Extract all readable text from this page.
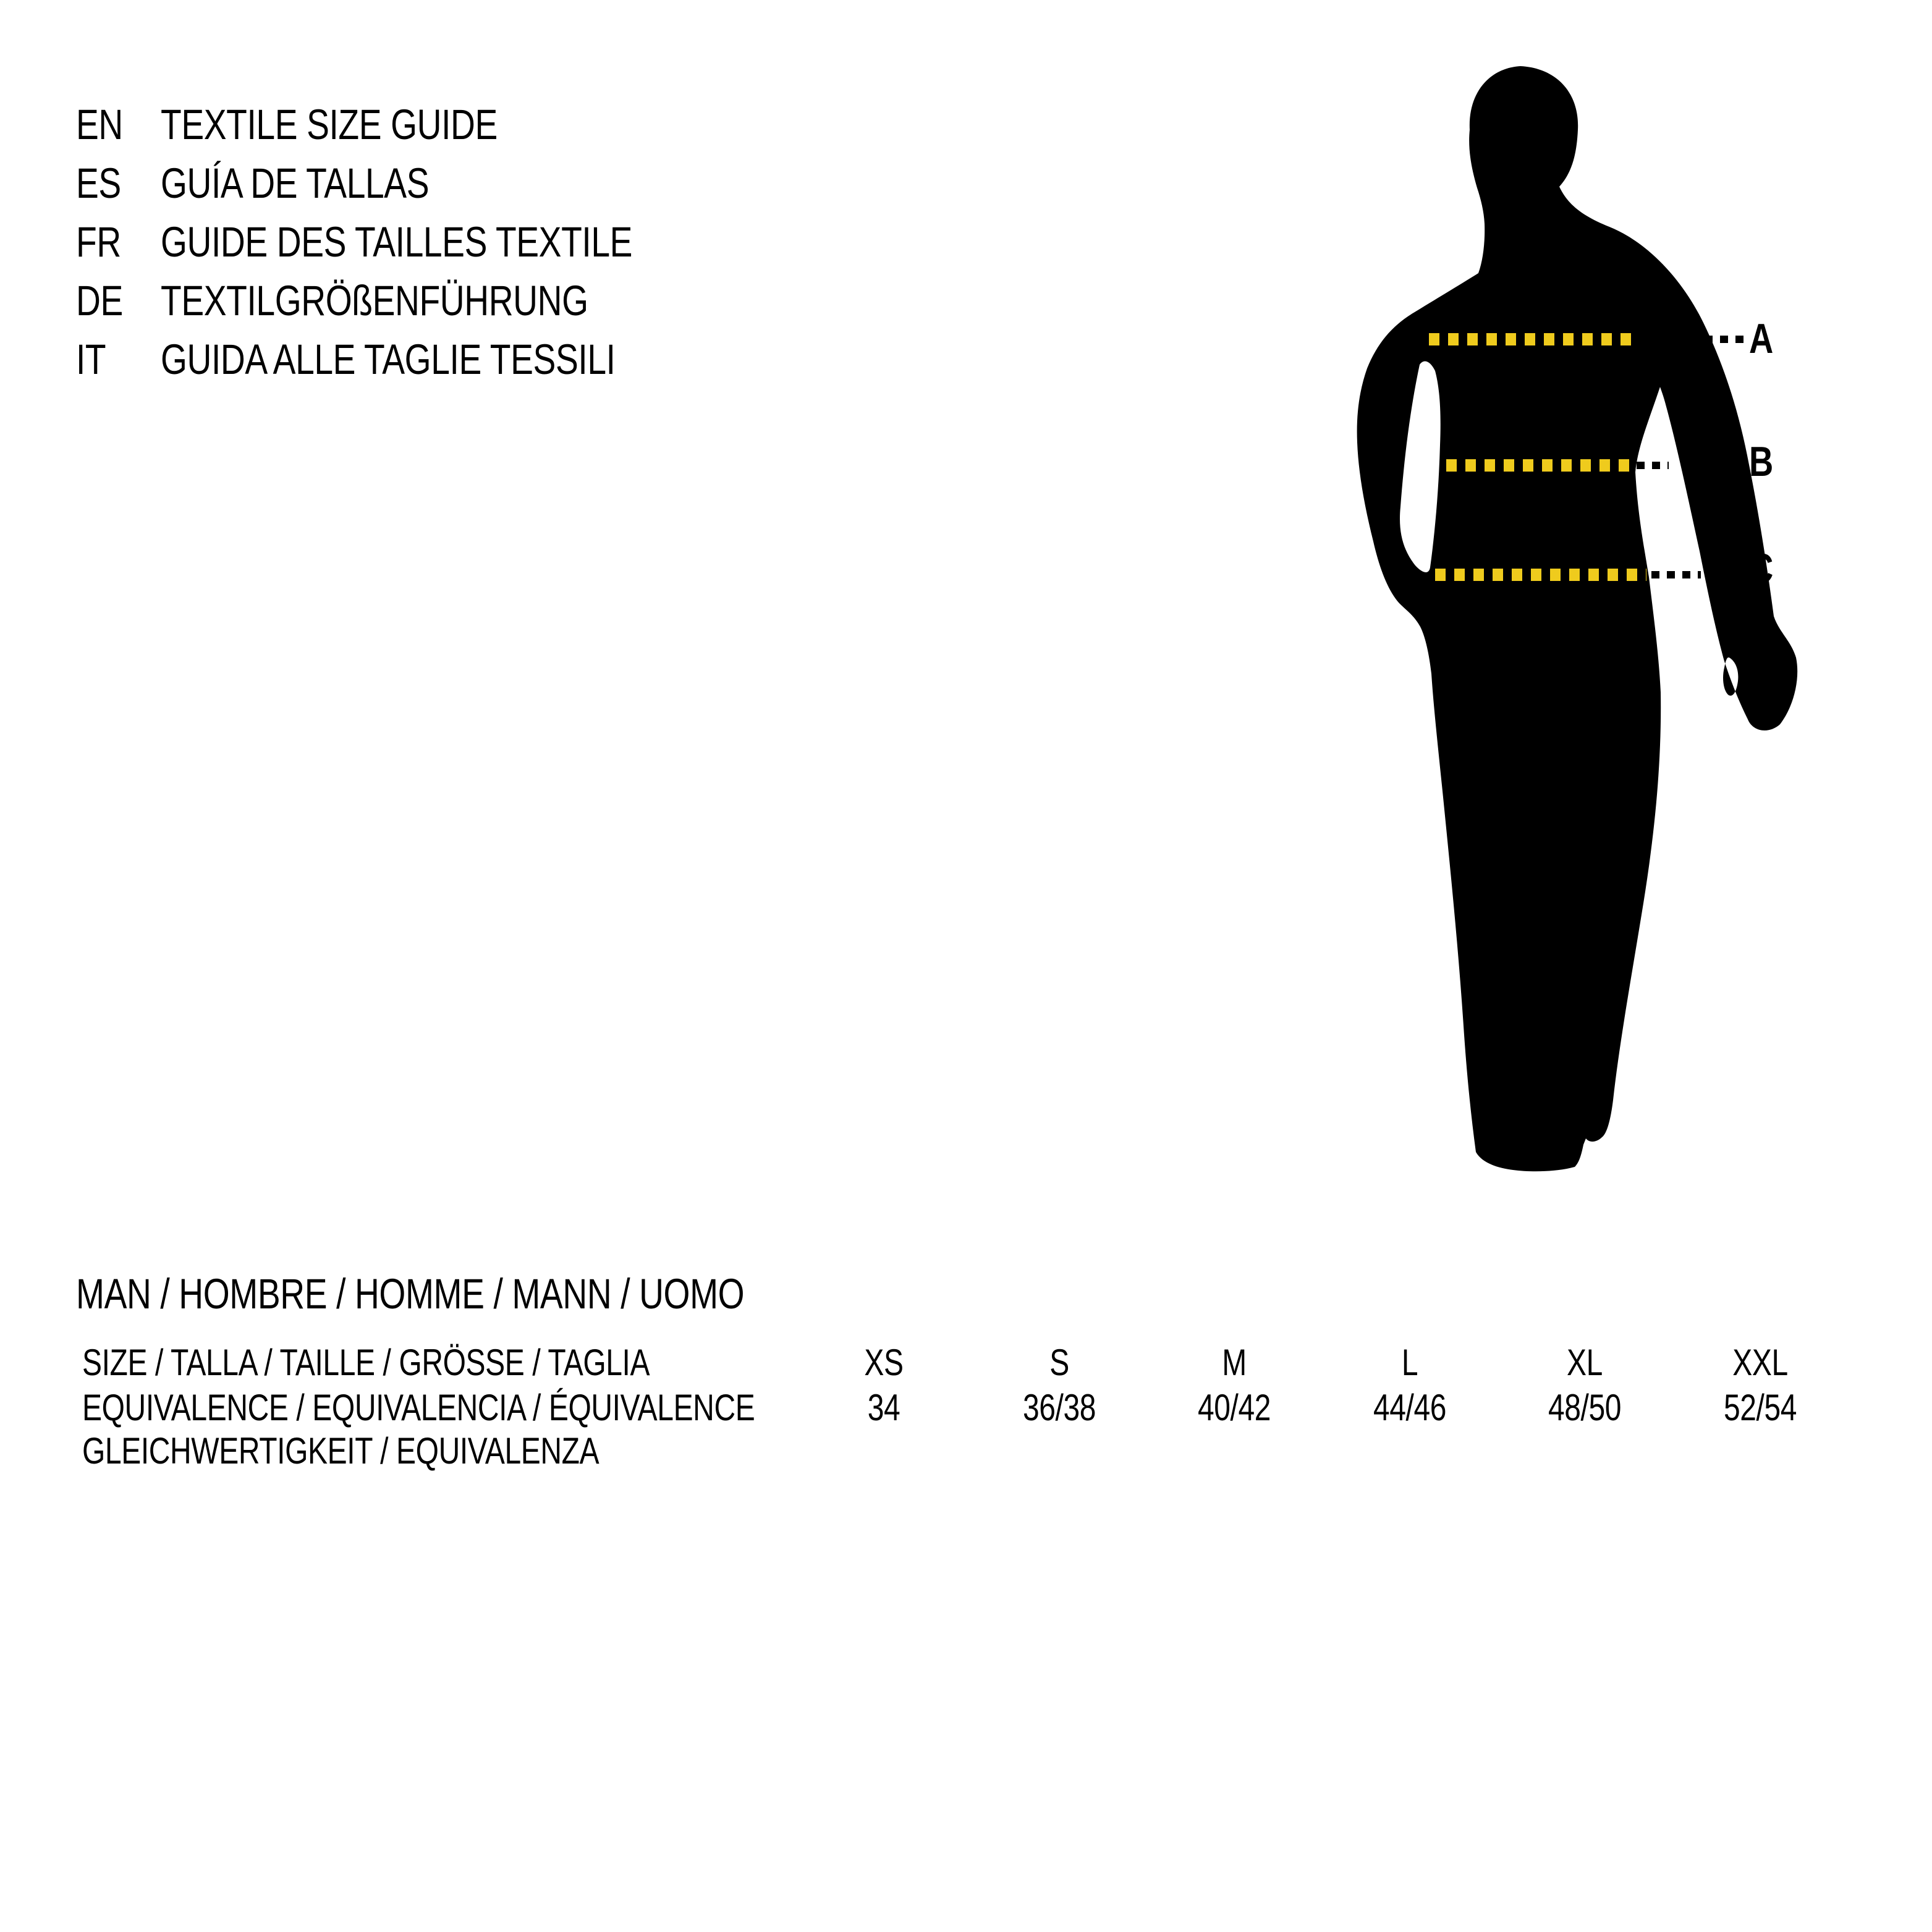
EN TEXTILE SIZE GUIDE
ES GUÍA DE TALLAS
FR GUIDE DES TAILLES TEXTILE
DE TEXTILGRÖßENFÜHRUNG
IT GUIDA ALLE TAGLIE TESSILI	A
B
C
MAN / HOMBRE / HOMME / MANN / UOMO
SIZE / TALLA / TAILLE / GRÖSSE / TAGLIA	XS	S	M	L	XL	XXL
EQUIVALENCE / EQUIVALENCIA / ÉQUIVALENCE	34	36/38	40/42	44/46	48/50	52/54
GLEICHWERTIGKEIT / EQUIVALENZA
